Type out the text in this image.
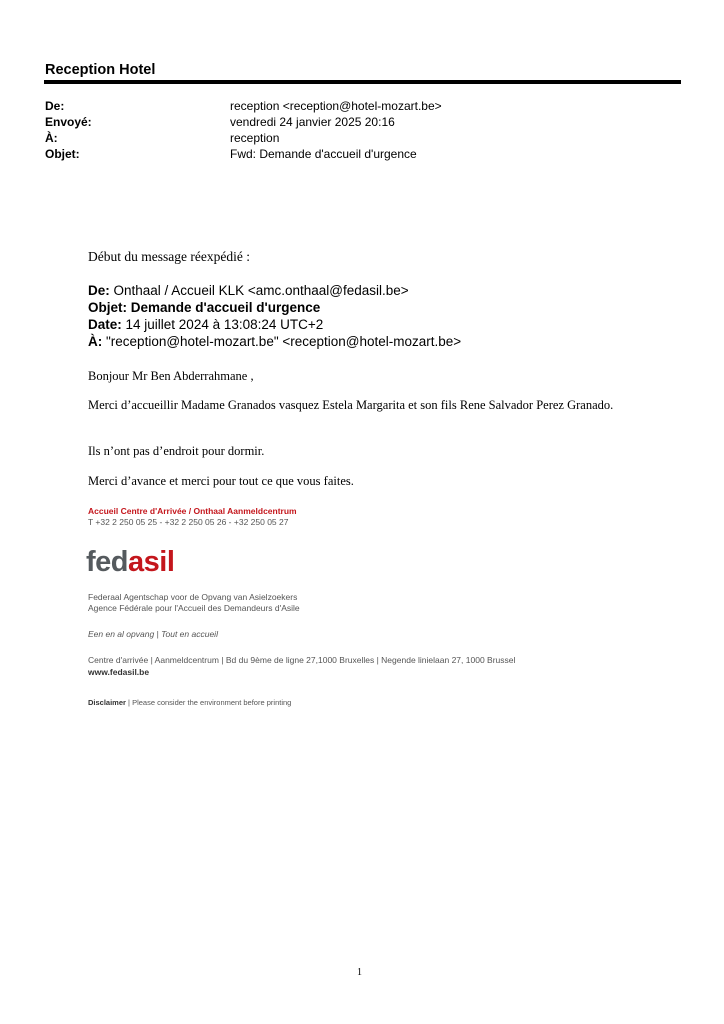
Reception Hotel
De:	reception <reception@hotel-mozart.be>
Envoyé:	vendredi 24 janvier 2025 20:16
À:	reception
Objet:	Fwd: Demande d'accueil d'urgence
Début du message réexpédié :
De: Onthaal / Accueil KLK <amc.onthaal@fedasil.be>
Objet: Demande d'accueil d'urgence
Date: 14 juillet 2024 à 13:08:24 UTC+2
À: "reception@hotel-mozart.be" <reception@hotel-mozart.be>
Bonjour Mr Ben Abderrahmane ,
Merci d’accueillir Madame Granados vasquez Estela Margarita et son fils Rene Salvador Perez Granado.
Ils n’ont pas d’endroit pour dormir.
Merci d’avance et merci pour tout ce que vous faites.
Accueil Centre d'Arrivée / Onthaal Aanmeldcentrum
T +32 2 250 05 25 - +32 2 250 05 26 - +32 250 05 27
fedasil
Federaal Agentschap voor de Opvang van Asielzoekers
Agence Fédérale pour l'Accueil des Demandeurs d'Asile
Een en al opvang | Tout en accueil
Centre d'arrivée | Aanmeldcentrum | Bd du 9ème de ligne 27,1000 Bruxelles | Negende linielaan 27, 1000 Brussel
www.fedasil.be
Disclaimer | Please consider the environment before printing
1
